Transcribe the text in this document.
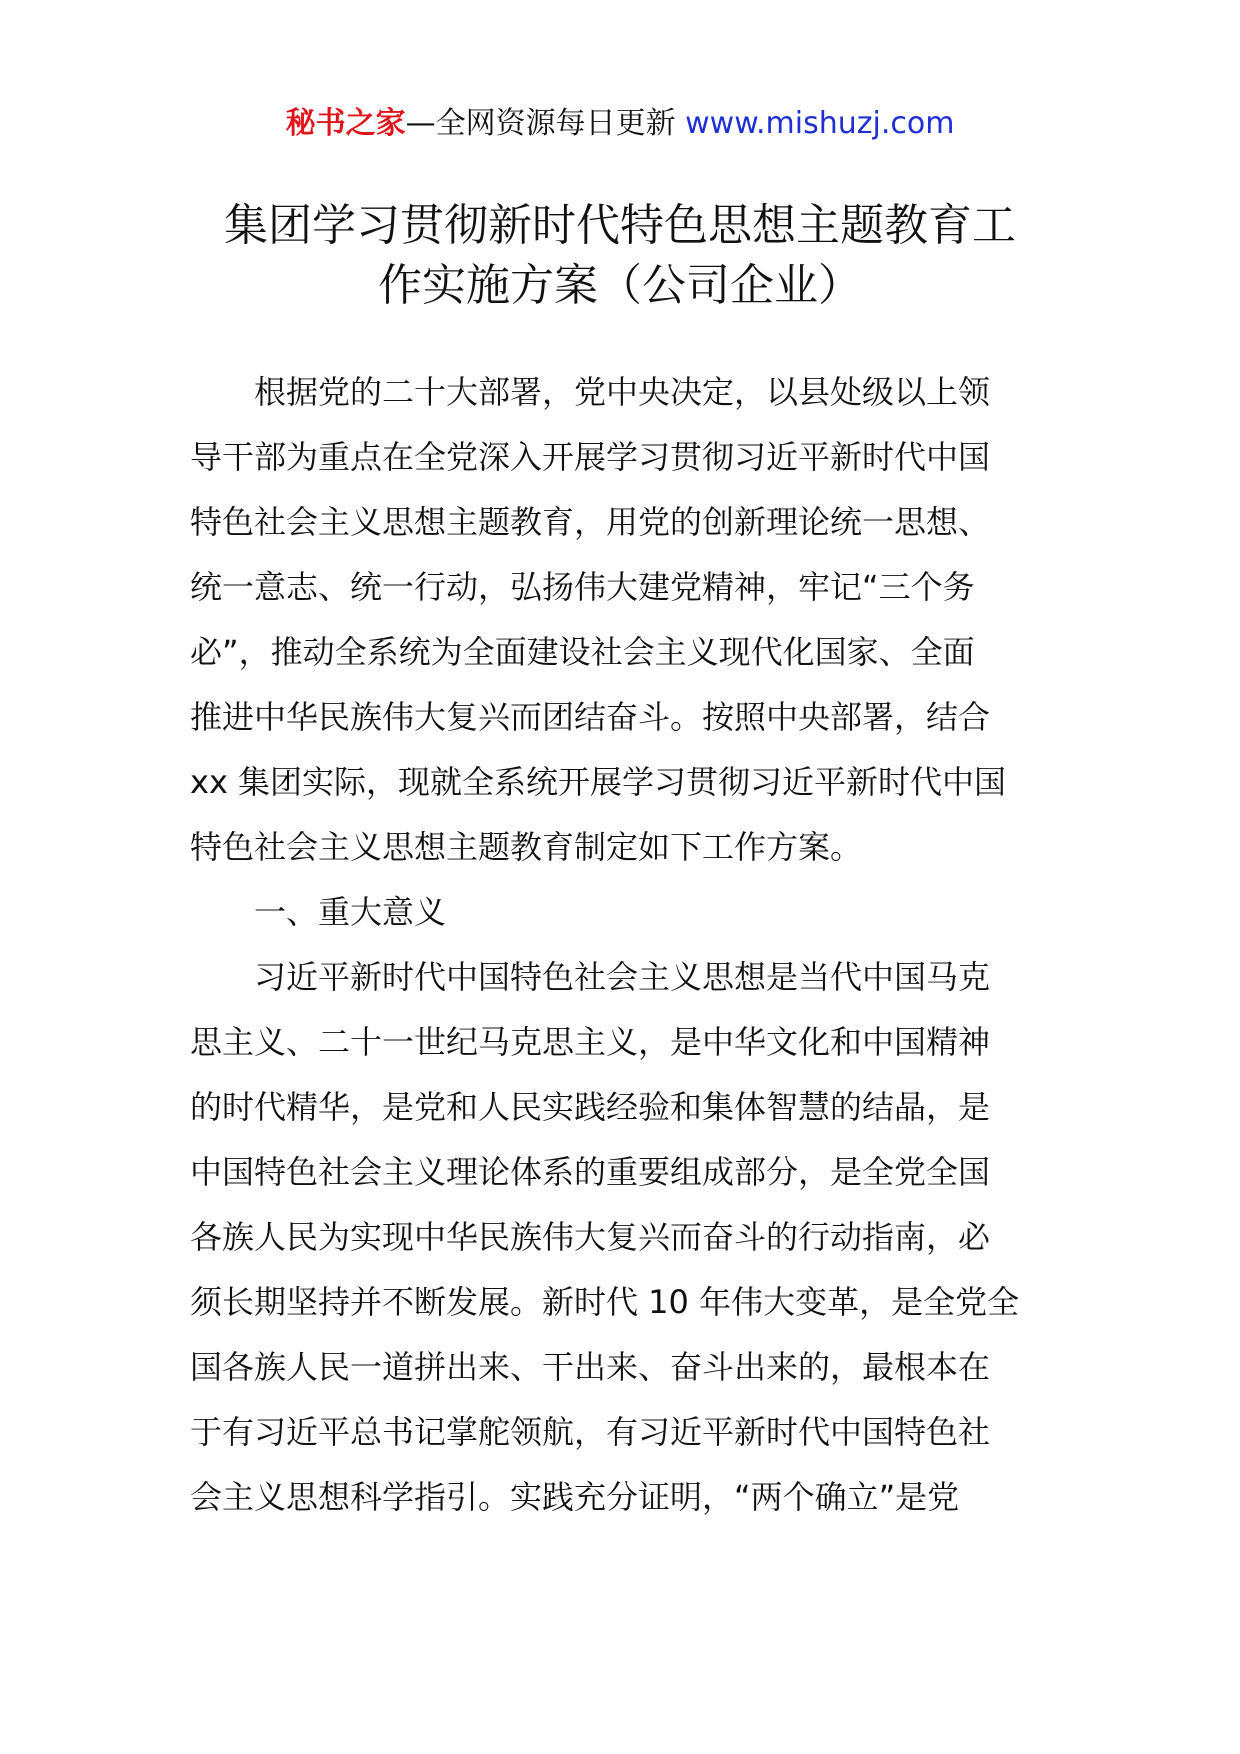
秘书之家—全网资源每日更新 www.mishuzj.com
集团学习贯彻新时代特色思想主题教育工
作实施方案（公司企业）
根据党的二十大部署，党中央决定，以县处级以上领
导干部为重点在全党深入开展学习贯彻习近平新时代中国
特色社会主义思想主题教育，用党的创新理论统一思想、
统一意志、统一行动，弘扬伟大建党精神，牢记“三个务
必”，推动全系统为全面建设社会主义现代化国家、全面
推进中华民族伟大复兴而团结奋斗。按照中央部署，结合
xx 集团实际，现就全系统开展学习贯彻习近平新时代中国
特色社会主义思想主题教育制定如下工作方案。
一、重大意义
习近平新时代中国特色社会主义思想是当代中国马克
思主义、二十一世纪马克思主义，是中华文化和中国精神
的时代精华，是党和人民实践经验和集体智慧的结晶，是
中国特色社会主义理论体系的重要组成部分，是全党全国
各族人民为实现中华民族伟大复兴而奋斗的行动指南，必
须长期坚持并不断发展。新时代 10 年伟大变革，是全党全
国各族人民一道拼出来、干出来、奋斗出来的，最根本在
于有习近平总书记掌舵领航，有习近平新时代中国特色社
会主义思想科学指引。实践充分证明，“两个确立”是党
